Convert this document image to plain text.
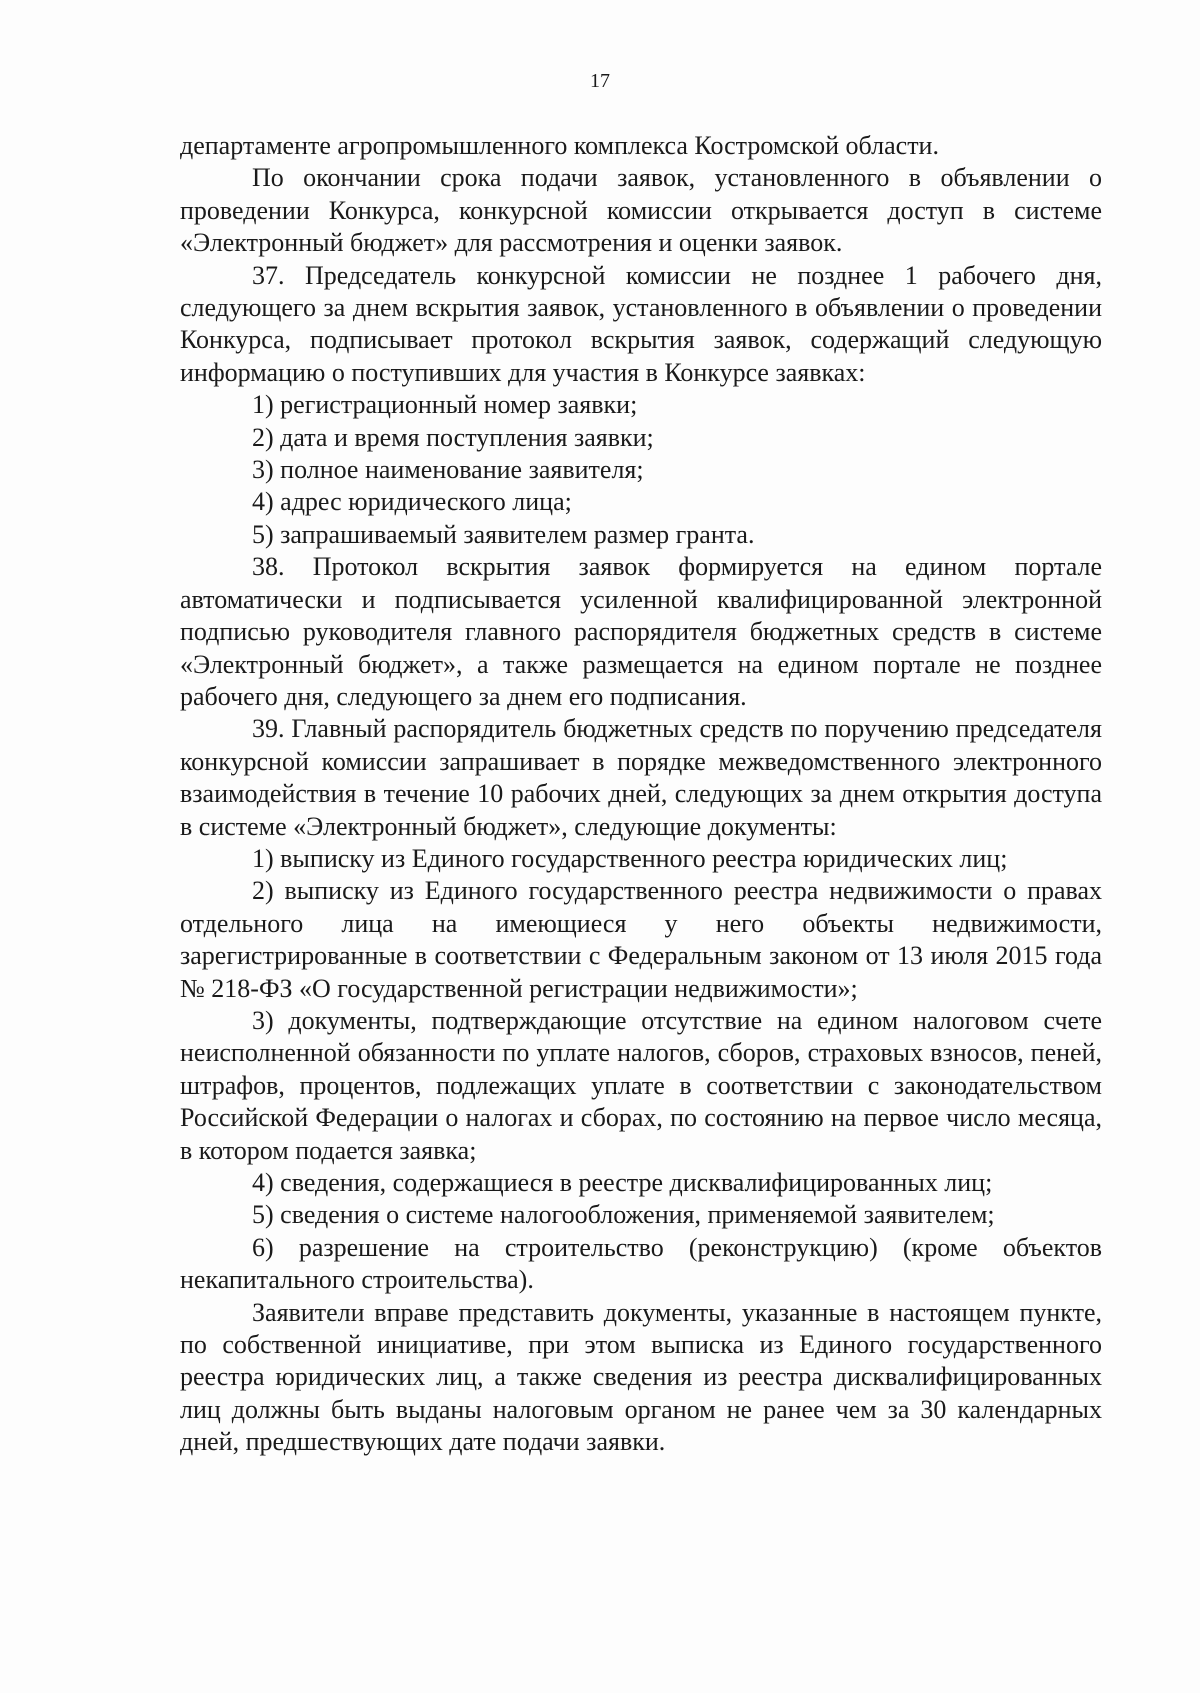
17

департаменте агропромышленного комплекса Костромской области.

По окончании срока подачи заявок, установленного в объявлении о проведении Конкурса, конкурсной комиссии открывается доступ в системе «Электронный бюджет» для рассмотрения и оценки заявок.

37. Председатель конкурсной комиссии не позднее 1 рабочего дня, следующего за днем вскрытия заявок, установленного в объявлении о проведении Конкурса, подписывает протокол вскрытия заявок, содержащий следующую информацию о поступивших для участия в Конкурсе заявках:

1) регистрационный номер заявки;

2) дата и время поступления заявки;

3) полное наименование заявителя;

4) адрес юридического лица;

5) запрашиваемый заявителем размер гранта.

38. Протокол вскрытия заявок формируется на едином портале автоматически и подписывается усиленной квалифицированной электронной подписью руководителя главного распорядителя бюджетных средств в системе «Электронный бюджет», а также размещается на едином портале не позднее рабочего дня, следующего за днем его подписания.

39. Главный распорядитель бюджетных средств по поручению председателя конкурсной комиссии запрашивает в порядке межведомственного электронного взаимодействия в течение 10 рабочих дней, следующих за днем открытия доступа в системе «Электронный бюджет», следующие документы:

1) выписку из Единого государственного реестра юридических лиц;

2) выписку из Единого государственного реестра недвижимости о правах отдельного лица на имеющиеся у него объекты недвижимости, зарегистрированные в соответствии с Федеральным законом от 13 июля 2015 года № 218-ФЗ «О государственной регистрации недвижимости»;

3) документы, подтверждающие отсутствие на едином налоговом счете неисполненной обязанности по уплате налогов, сборов, страховых взносов, пеней, штрафов, процентов, подлежащих уплате в соответствии с законодательством Российской Федерации о налогах и сборах, по состоянию на первое число месяца, в котором подается заявка;

4) сведения, содержащиеся в реестре дисквалифицированных лиц;

5) сведения о системе налогообложения, применяемой заявителем;

6) разрешение на строительство (реконструкцию) (кроме объектов некапитального строительства).

Заявители вправе представить документы, указанные в настоящем пункте, по собственной инициативе, при этом выписка из Единого государственного реестра юридических лиц, а также сведения из реестра дисквалифицированных лиц должны быть выданы налоговым органом не ранее чем за 30 календарных дней, предшествующих дате подачи заявки.
